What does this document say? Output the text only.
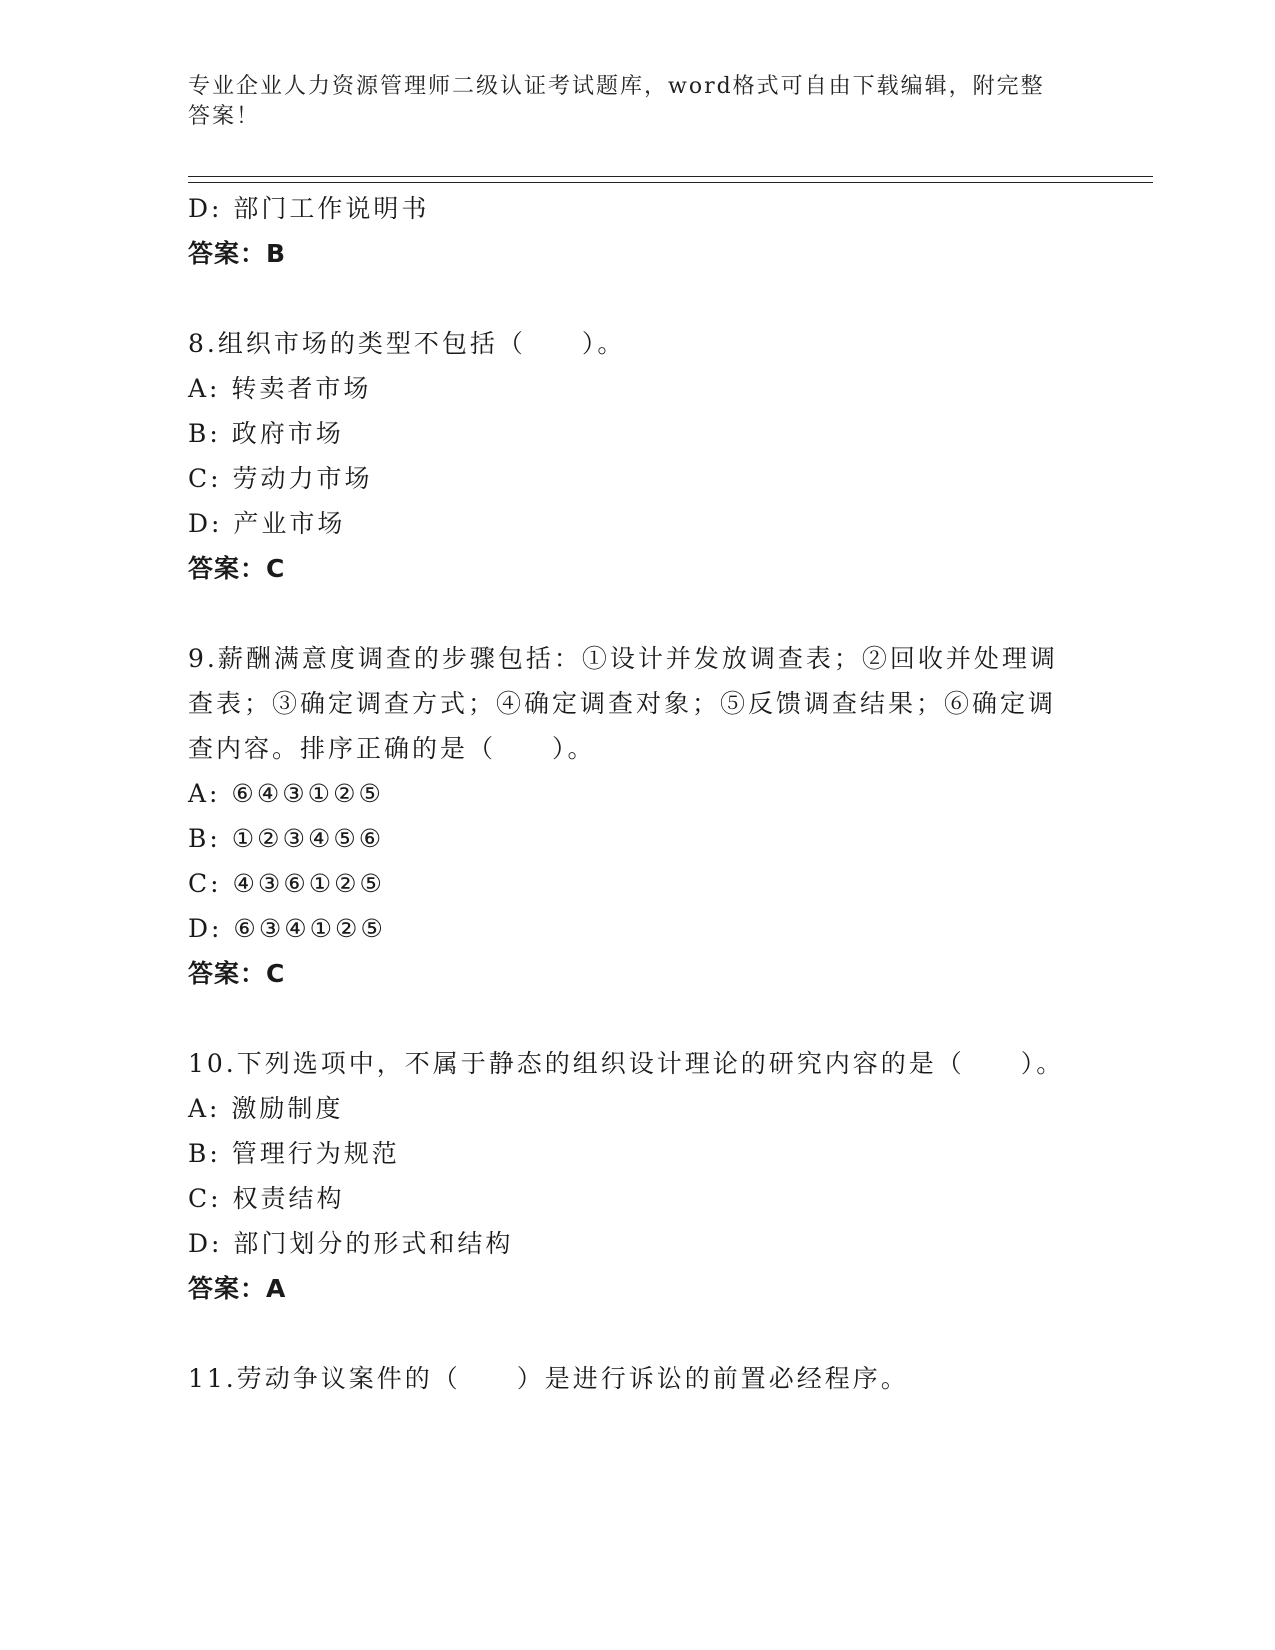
专业企业人力资源管理师二级认证考试题库，word格式可自由下载编辑，附完整答案！
D: 部门工作说明书
答案：B
8.组织市场的类型不包括（　　）。
A: 转卖者市场
B: 政府市场
C: 劳动力市场
D: 产业市场
答案：C
9.薪酬满意度调查的步骤包括：①设计并发放调查表；②回收并处理调查表；③确定调查方式；④确定调查对象；⑤反馈调查结果；⑥确定调查内容。排序正确的是（　　）。
A: ⑥④③①②⑤
B: ①②③④⑤⑥
C: ④③⑥①②⑤
D: ⑥③④①②⑤
答案：C
10.下列选项中，不属于静态的组织设计理论的研究内容的是（　　）。
A: 激励制度
B: 管理行为规范
C: 权责结构
D: 部门划分的形式和结构
答案：A
11.劳动争议案件的（　　）是进行诉讼的前置必经程序。
